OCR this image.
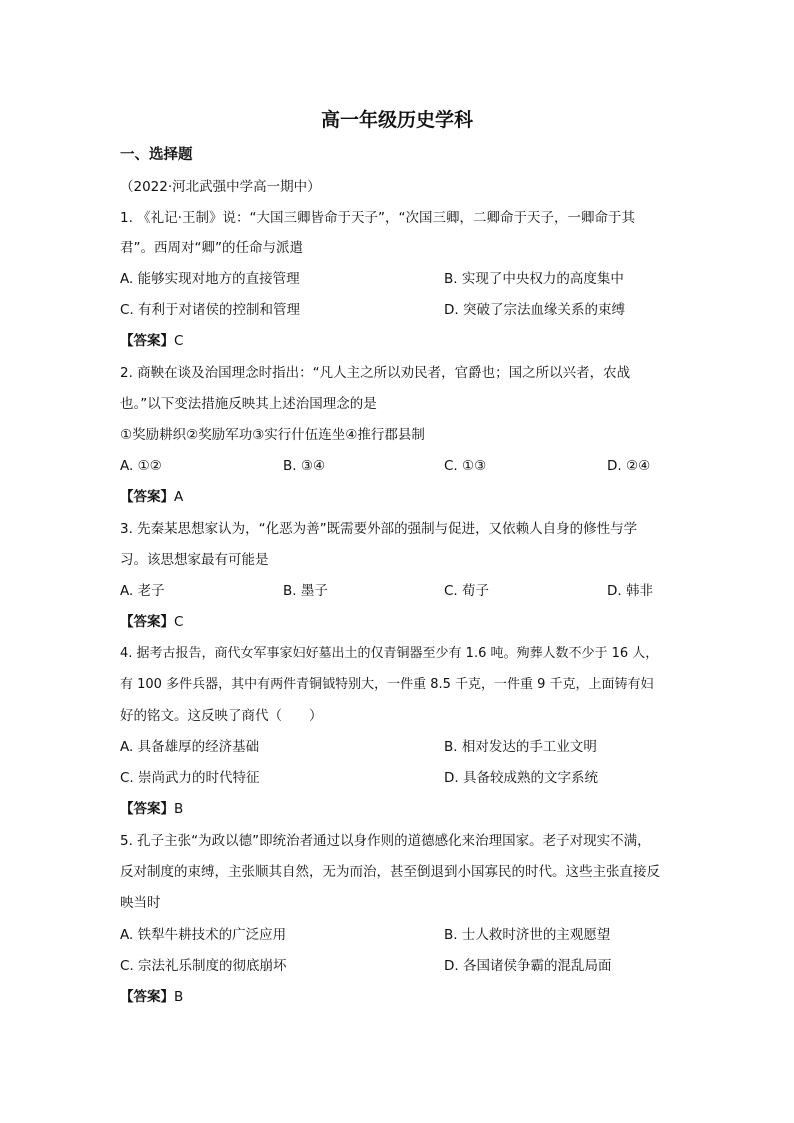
高一年级历史学科
一、选择题
（2022·河北武强中学高一期中）
1. 《礼记·王制》说：“大国三卿皆命于天子”，“次国三卿，二卿命于天子，一卿命于其
君”。西周对“卿”的任命与派遣
A. 能够实现对地方的直接管理	B. 实现了中央权力的高度集中
C. 有利于对诸侯的控制和管理	D. 突破了宗法血缘关系的束缚
【答案】C
2. 商鞅在谈及治国理念时指出：“凡人主之所以劝民者，官爵也；国之所以兴者，农战
也。”以下变法措施反映其上述治国理念的是
①奖励耕织②奖励军功③实行什伍连坐④推行郡县制
A. ①②	B. ③④	C. ①③	D. ②④
【答案】A
3. 先秦某思想家认为，“化恶为善”既需要外部的强制与促进，又依赖人自身的修性与学
习。该思想家最有可能是
A. 老子	B. 墨子	C. 荀子	D. 韩非
【答案】C
4. 据考古报告，商代女军事家妇好墓出土的仅青铜器至少有 1.6 吨。殉葬人数不少于 16 人，
有 100 多件兵器，其中有两件青铜钺特别大，一件重 8.5 千克，一件重 9 千克，上面铸有妇
好的铭文。这反映了商代（　　）
A. 具备雄厚的经济基础	B. 相对发达的手工业文明
C. 崇尚武力的时代特征	D. 具备较成熟的文字系统
【答案】B
5. 孔子主张“为政以德”即统治者通过以身作则的道德感化来治理国家。老子对现实不满，
反对制度的束缚，主张顺其自然，无为而治，甚至倒退到小国寡民的时代。这些主张直接反
映当时
A. 铁犁牛耕技术的广泛应用	B. 士人救时济世的主观愿望
C. 宗法礼乐制度的彻底崩坏	D. 各国诸侯争霸的混乱局面
【答案】B
